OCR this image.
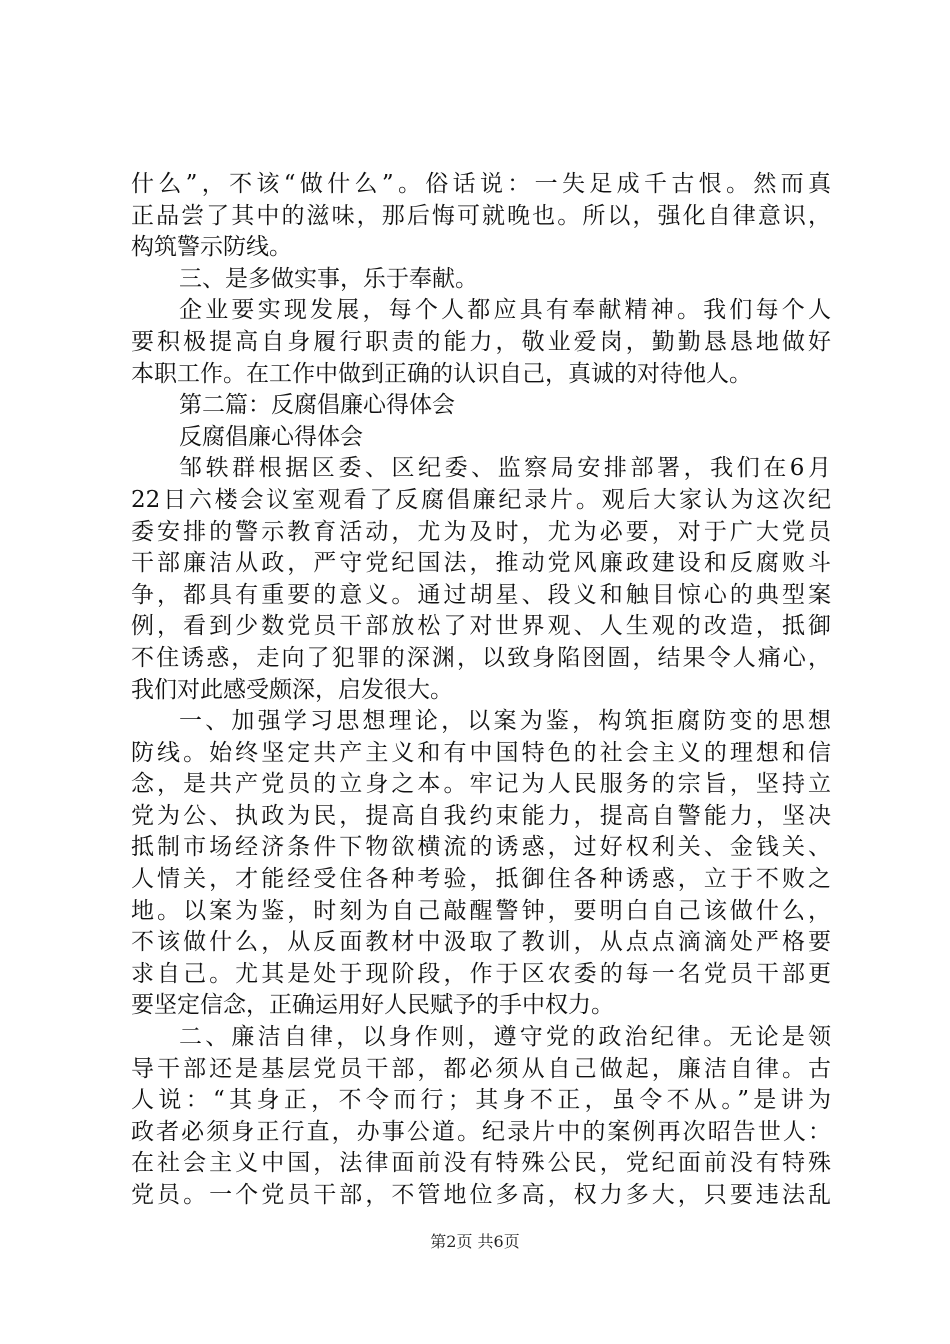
什么”，不该“做什么”。俗话说：一失足成千古恨。然而真
正品尝了其中的滋味，那后悔可就晚也。所以，强化自律意识，
构筑警示防线。
三、是多做实事，乐于奉献。
企业要实现发展，每个人都应具有奉献精神。我们每个人
要积极提高自身履行职责的能力，敬业爱岗，勤勤恳恳地做好
本职工作。在工作中做到正确的认识自己，真诚的对待他人。
第二篇：反腐倡廉心得体会
反腐倡廉心得体会
邹轶群根据区委、区纪委、监察局安排部署，我们在6月
22日六楼会议室观看了反腐倡廉纪录片。观后大家认为这次纪
委安排的警示教育活动，尤为及时，尤为必要，对于广大党员
干部廉洁从政，严守党纪国法，推动党风廉政建设和反腐败斗
争，都具有重要的意义。通过胡星、段义和触目惊心的典型案
例，看到少数党员干部放松了对世界观、人生观的改造，抵御
不住诱惑，走向了犯罪的深渊，以致身陷囹圄，结果令人痛心，
我们对此感受颇深，启发很大。
一、加强学习思想理论，以案为鉴，构筑拒腐防变的思想
防线。始终坚定共产主义和有中国特色的社会主义的理想和信
念，是共产党员的立身之本。牢记为人民服务的宗旨，坚持立
党为公、执政为民，提高自我约束能力，提高自警能力，坚决
抵制市场经济条件下物欲横流的诱惑，过好权利关、金钱关、
人情关，才能经受住各种考验，抵御住各种诱惑，立于不败之
地。以案为鉴，时刻为自己敲醒警钟，要明白自己该做什么，
不该做什么，从反面教材中汲取了教训，从点点滴滴处严格要
求自己。尤其是处于现阶段，作于区农委的每一名党员干部更
要坚定信念，正确运用好人民赋予的手中权力。
二、廉洁自律，以身作则，遵守党的政治纪律。无论是领
导干部还是基层党员干部，都必须从自己做起，廉洁自律。古
人说：“其身正，不令而行；其身不正，虽令不从。”是讲为
政者必须身正行直，办事公道。纪录片中的案例再次昭告世人：
在社会主义中国，法律面前没有特殊公民，党纪面前没有特殊
党员。一个党员干部，不管地位多高，权力多大，只要违法乱
第2页 共6页
